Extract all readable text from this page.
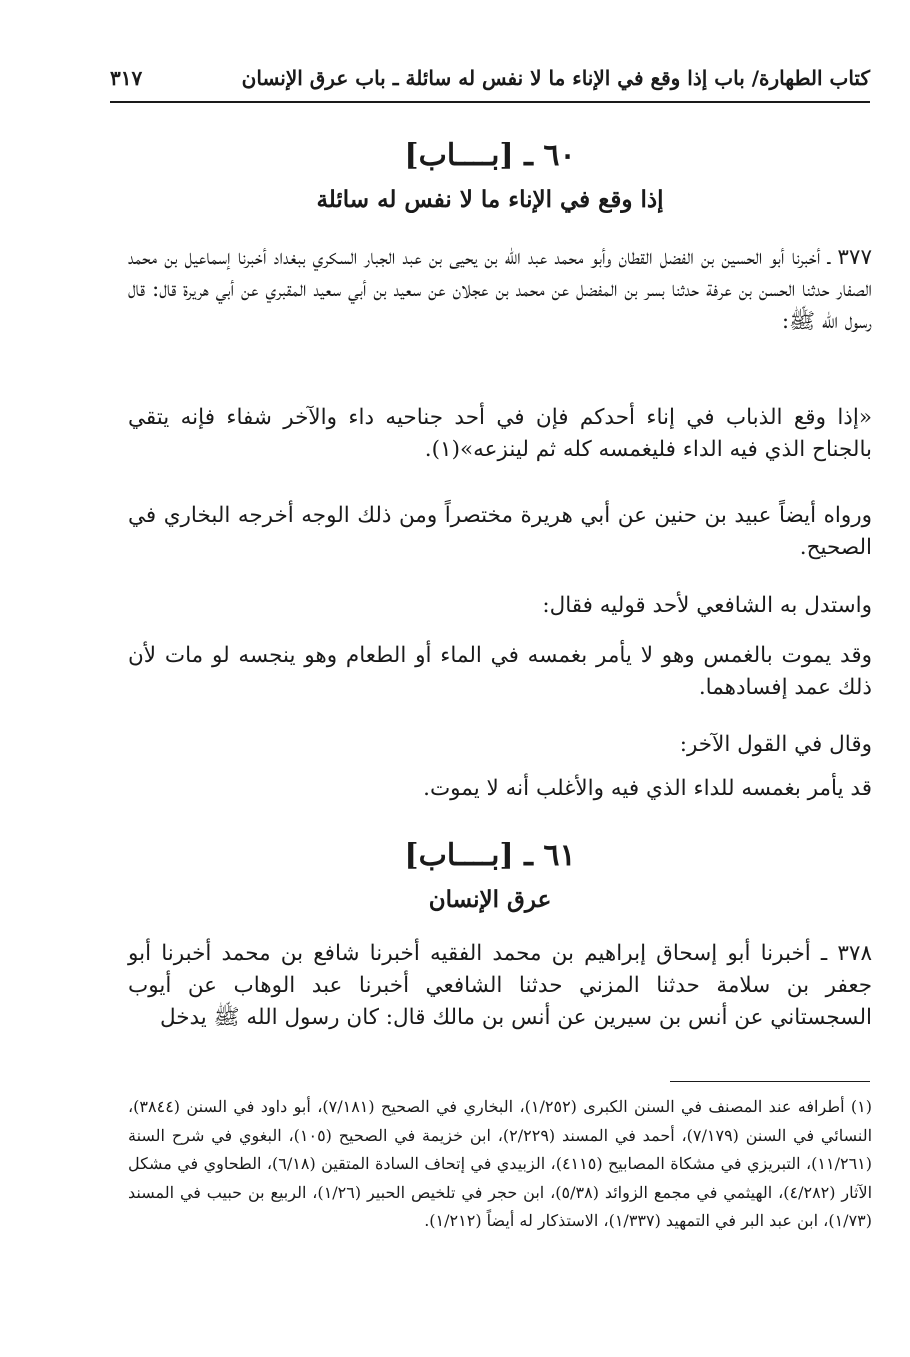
كتاب الطهارة/ باب إذا وقع في الإناء ما لا نفس له سائلة ـ باب عرق الإنسان
٣١٧
٦٠ ـ [بــــاب]
إذا وقع في الإناء ما لا نفس له سائلة
٣٧٧ ـ أخبرنا أبو الحسين بن الفضل القطان وأبو محمد عبد الله بن يحيى بن عبد الجبار السكري ببغداد أخبرنا إسماعيل بن محمد الصفار حدثنا الحسن بن عرفة حدثنا بسر بن المفضل عن محمد بن عجلان عن سعيد بن أبي سعيد المقبري عن أبي هريرة قال: قال رسول الله ﷺ:
«إذا وقع الذباب في إناء أحدكم فإن في أحد جناحيه داء والآخر شفاء فإنه يتقي بالجناح الذي فيه الداء فليغمسه كله ثم لينزعه»(١).
ورواه أيضاً عبيد بن حنين عن أبي هريرة مختصراً ومن ذلك الوجه أخرجه البخاري في الصحيح.
واستدل به الشافعي لأحد قوليه فقال:
وقد يموت بالغمس وهو لا يأمر بغمسه في الماء أو الطعام وهو ينجسه لو مات لأن ذلك عمد إفسادهما.
وقال في القول الآخر:
قد يأمر بغمسه للداء الذي فيه والأغلب أنه لا يموت.
٦١ ـ [بــــاب]
عرق الإنسان
٣٧٨ ـ أخبرنا أبو إسحاق إبراهيم بن محمد الفقيه أخبرنا شافع بن محمد أخبرنا أبو جعفر بن سلامة حدثنا المزني حدثنا الشافعي أخبرنا عبد الوهاب عن أيوب السجستاني عن أنس بن سيرين عن أنس بن مالك قال: كان رسول الله ﷺ يدخل
(١) أطرافه عند المصنف في السنن الكبرى (١/٢٥٢)، البخاري في الصحيح (٧/١٨١)، أبو داود في السنن (٣٨٤٤)، النسائي في السنن (٧/١٧٩)، أحمد في المسند (٢/٢٢٩)، ابن خزيمة في الصحيح (١٠٥)، البغوي في شرح السنة (١١/٢٦١)، التبريزي في مشكاة المصابيح (٤١١٥)، الزبيدي في إتحاف السادة المتقين (٦/١٨)، الطحاوي في مشكل الآثار (٤/٢٨٢)، الهيثمي في مجمع الزوائد (٥/٣٨)، ابن حجر في تلخيص الحبير (١/٢٦)، الربيع بن حبيب في المسند (١/٧٣)، ابن عبد البر في التمهيد (١/٣٣٧)، الاستذكار له أيضاً (١/٢١٢).
